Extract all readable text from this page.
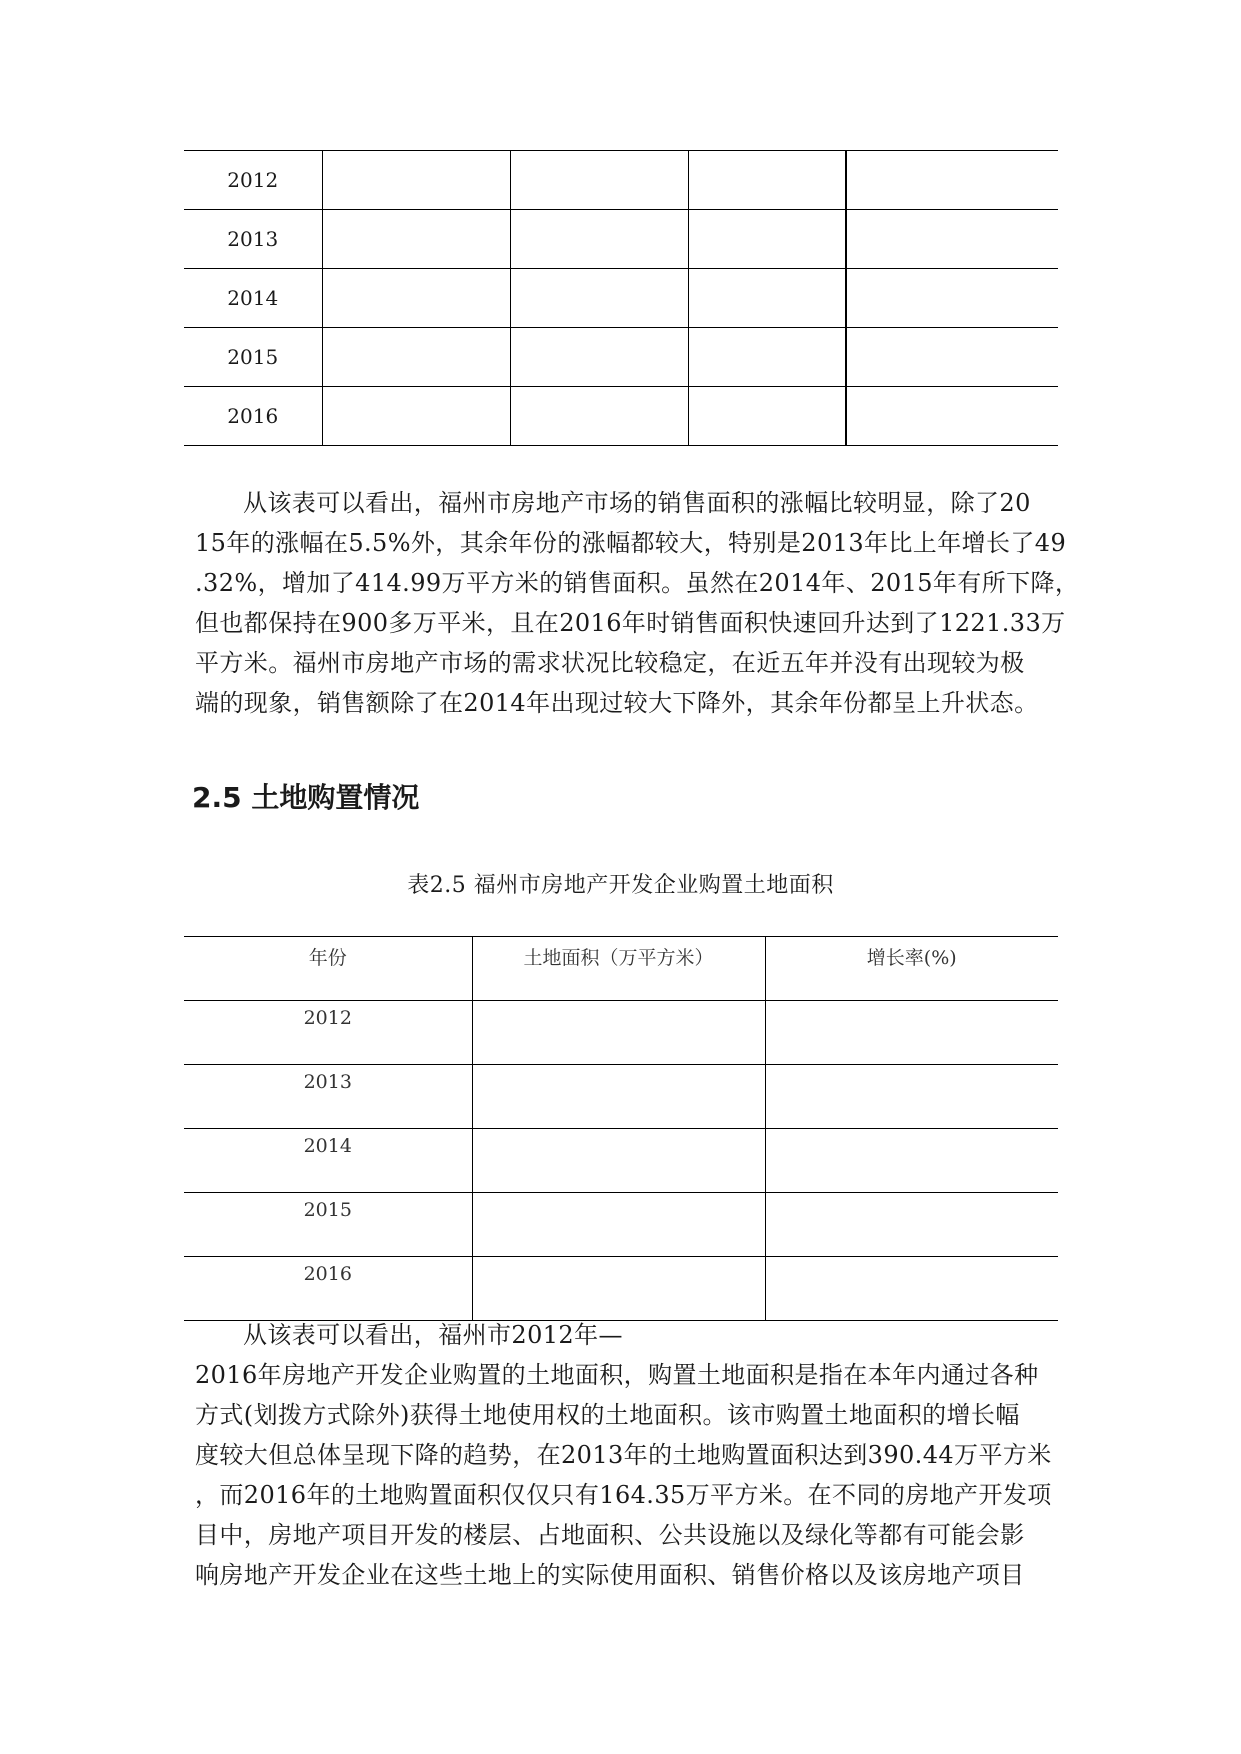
2012				
2013				
2014				
2015				
2016				

从该表可以看出，福州市房地产市场的销售面积的涨幅比较明显，除了20

15年的涨幅在5.5%外，其余年份的涨幅都较大，特别是2013年比上年增长了49

.32%，增加了414.99万平方米的销售面积。虽然在2014年、2015年有所下降，

但也都保持在900多万平米，且在2016年时销售面积快速回升达到了1221.33万

平方米。福州市房地产市场的需求状况比较稳定，在近五年并没有出现较为极

端的现象，销售额除了在2014年出现过较大下降外，其余年份都呈上升状态。

2.5 土地购置情况
表2.5 福州市房地产开发企业购置土地面积
年份	土地面积（万平方米）	增长率(%)
2012		
2013		
2014		
2015		
2016		

从该表可以看出，福州市2012年—

2016年房地产开发企业购置的土地面积，购置土地面积是指在本年内通过各种

方式(划拨方式除外)获得土地使用权的土地面积。该市购置土地面积的增长幅

度较大但总体呈现下降的趋势，在2013年的土地购置面积达到390.44万平方米

，而2016年的土地购置面积仅仅只有164.35万平方米。在不同的房地产开发项

目中，房地产项目开发的楼层、占地面积、公共设施以及绿化等都有可能会影

响房地产开发企业在这些土地上的实际使用面积、销售价格以及该房地产项目
